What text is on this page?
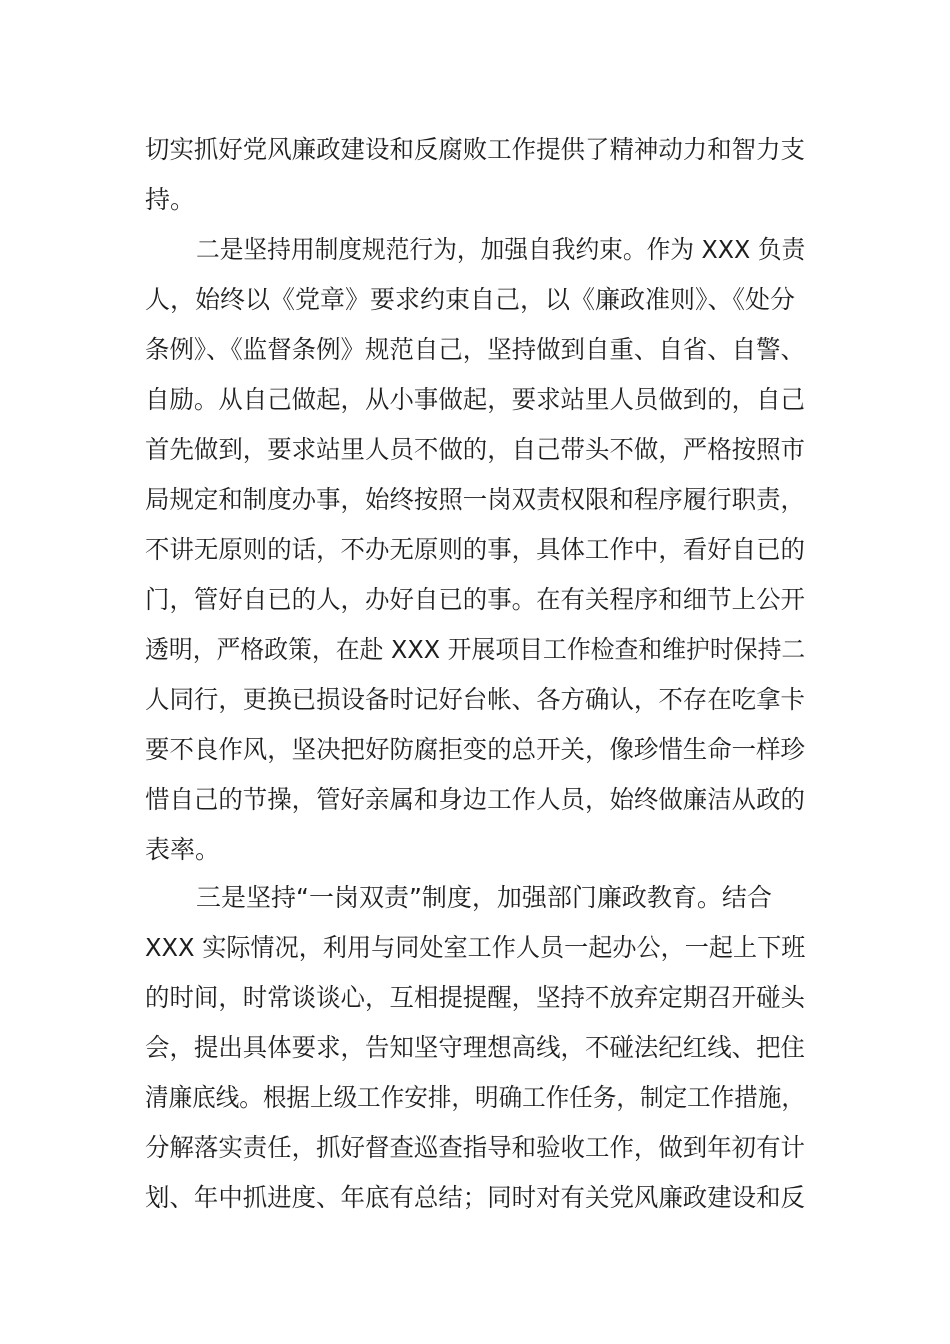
切实抓好党风廉政建设和反腐败工作提供了精神动力和智力支
持。
二是坚持用制度规范行为，加强自我约束。作为 XXX 负责
人，始终以《党章》要求约束自己，以《廉政准则》、《处分
条例》、《监督条例》规范自己，坚持做到自重、自省、自警、
自励。从自己做起，从小事做起，要求站里人员做到的，自己
首先做到，要求站里人员不做的，自己带头不做，严格按照市
局规定和制度办事，始终按照一岗双责权限和程序履行职责，
不讲无原则的话，不办无原则的事，具体工作中，看好自已的
门，管好自已的人，办好自已的事。在有关程序和细节上公开
透明，严格政策，在赴 XXX 开展项目工作检查和维护时保持二
人同行，更换已损设备时记好台帐、各方确认，不存在吃拿卡
要不良作风，坚决把好防腐拒变的总开关，像珍惜生命一样珍
惜自己的节操，管好亲属和身边工作人员，始终做廉洁从政的
表率。
三是坚持“一岗双责”制度，加强部门廉政教育。结合
XXX 实际情况，利用与同处室工作人员一起办公，一起上下班
的时间，时常谈谈心，互相提提醒，坚持不放弃定期召开碰头
会，提出具体要求，告知坚守理想高线，不碰法纪红线、把住
清廉底线。根据上级工作安排，明确工作任务，制定工作措施，
分解落实责任，抓好督查巡查指导和验收工作，做到年初有计
划、年中抓进度、年底有总结；同时对有关党风廉政建设和反
